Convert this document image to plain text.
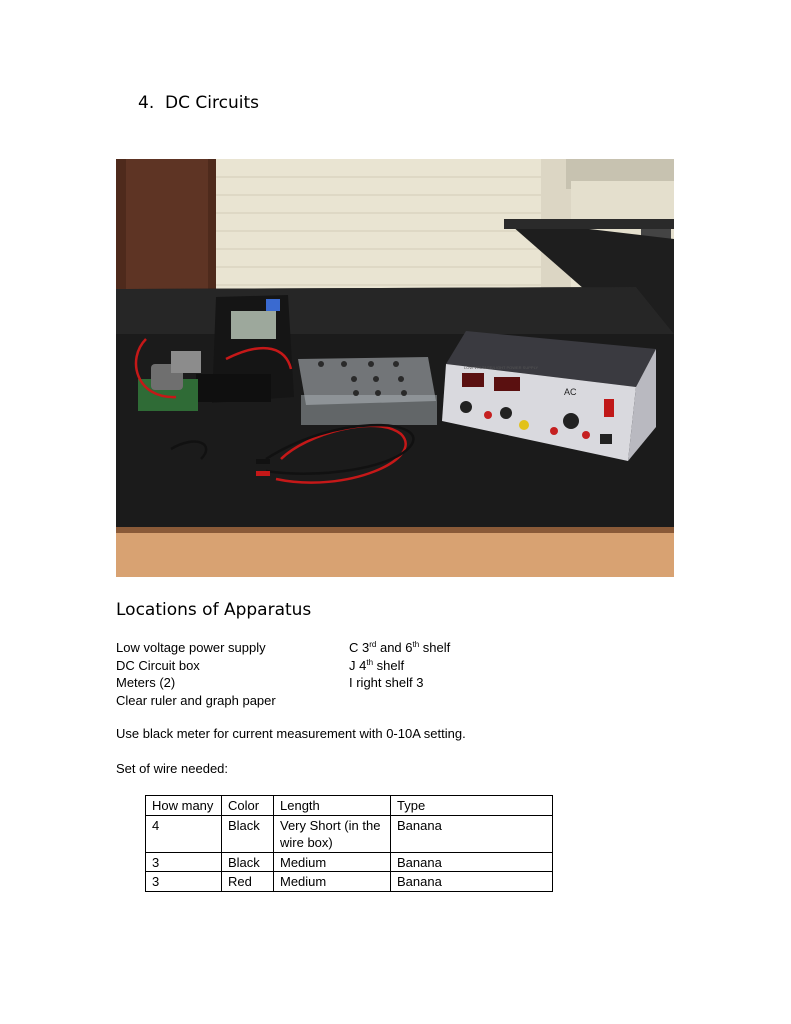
4. DC Circuits
AC
LOW VOLTAGE/LIGHT POWER SUPPLY
Locations of Apparatus
Low voltage power supply	C 3rd and 6th shelf
DC Circuit box	J 4th shelf
Meters (2)	I right shelf 3
Clear ruler and graph paper
Use black meter for current measurement with 0-10A setting.
Set of wire needed:
How many	Color	Length	Type
4	Black	Very Short (in the wire box)	Banana
3	Black	Medium	Banana
3	Red	Medium	Banana
